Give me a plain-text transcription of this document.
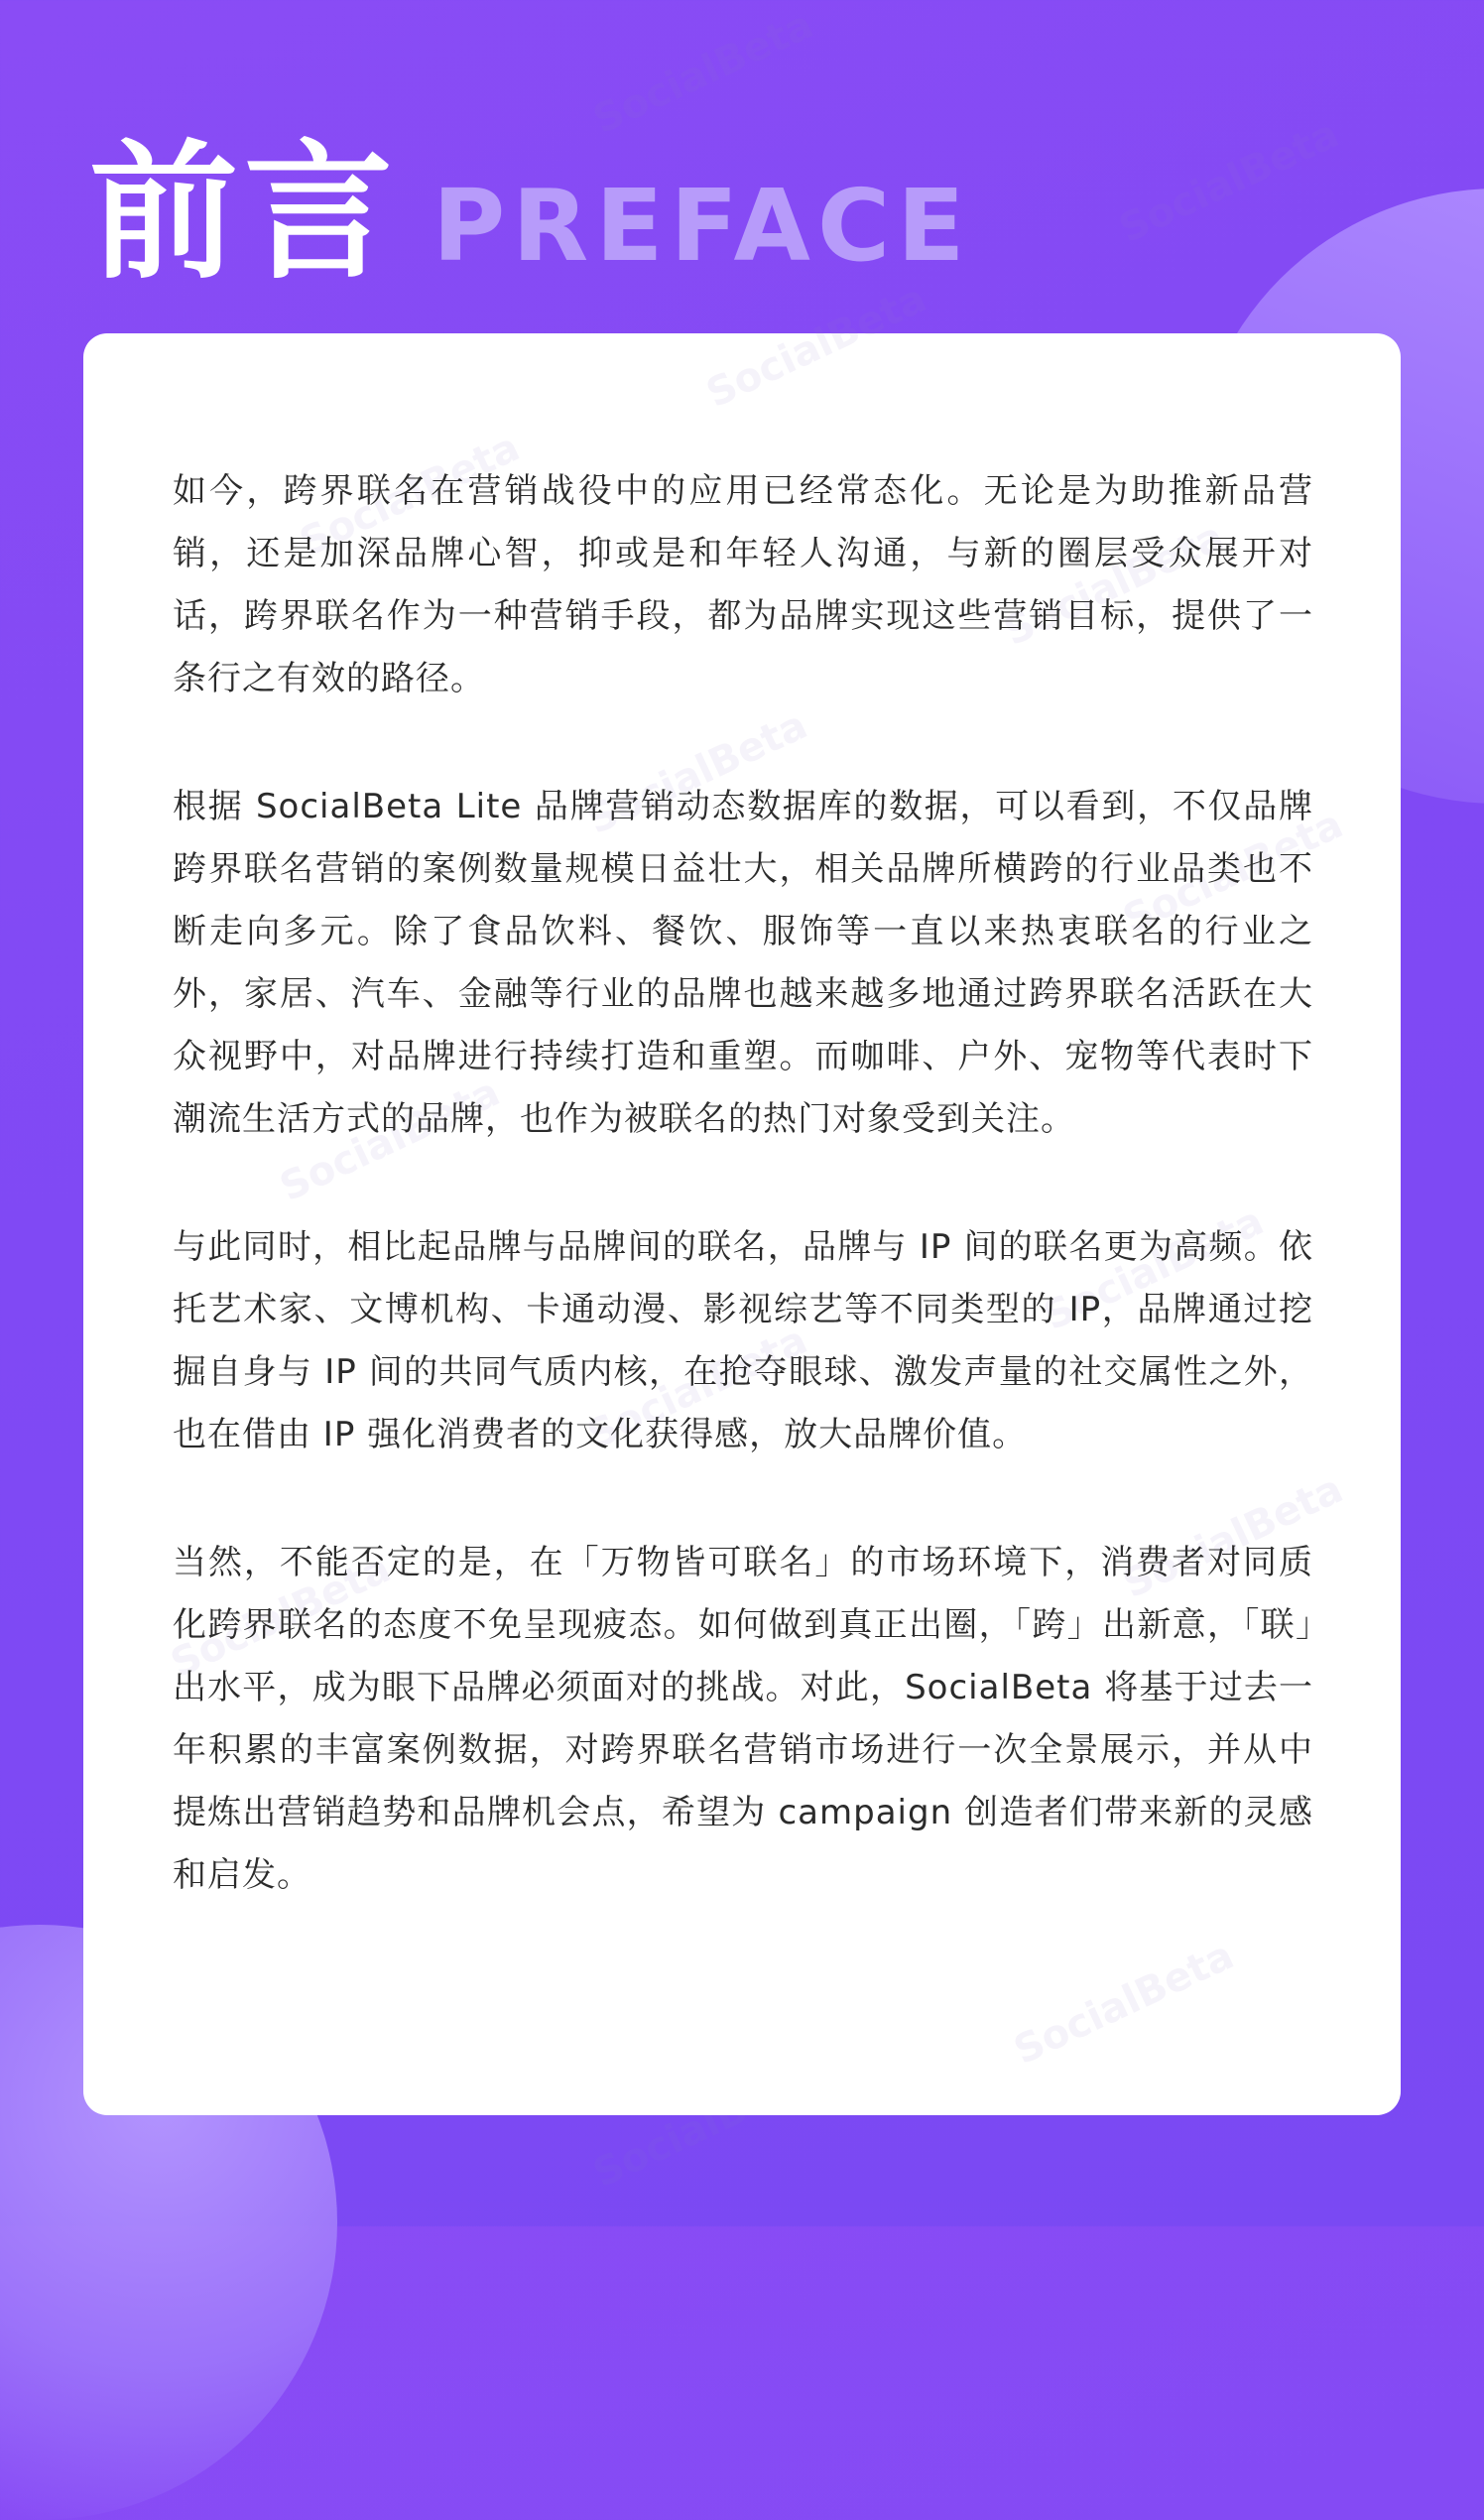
SocialBeta
SocialBeta
SocialBeta
前言 PREFACE
SocialBeta
SocialBeta
SocialBeta
SocialBeta
SocialBeta
SocialBeta
SocialBeta
SocialBeta
SocialBeta
SocialBeta
SocialBeta

如今，跨界联名在营销战役中的应用已经常态化。无论是为助推新品营销，还是加深品牌心智，抑或是和年轻人沟通，与新的圈层受众展开对话，跨界联名作为一种营销手段，都为品牌实现这些营销目标，提供了一条行之有效的路径。

根据 SocialBeta Lite 品牌营销动态数据库的数据，可以看到，不仅品牌跨界联名营销的案例数量规模日益壮大，相关品牌所横跨的行业品类也不断走向多元。除了食品饮料、餐饮、服饰等一直以来热衷联名的行业之外，家居、汽车、金融等行业的品牌也越来越多地通过跨界联名活跃在大众视野中，对品牌进行持续打造和重塑。而咖啡、户外、宠物等代表时下潮流生活方式的品牌，也作为被联名的热门对象受到关注。

与此同时，相比起品牌与品牌间的联名，品牌与 IP 间的联名更为高频。依托艺术家、文博机构、卡通动漫、影视综艺等不同类型的 IP，品牌通过挖掘自身与 IP 间的共同气质内核，在抢夺眼球、激发声量的社交属性之外，也在借由 IP 强化消费者的文化获得感，放大品牌价值。

当然，不能否定的是，在「万物皆可联名」的市场环境下，消费者对同质化跨界联名的态度不免呈现疲态。如何做到真正出圈，「跨」出新意，「联」出水平，成为眼下品牌必须面对的挑战。对此，SocialBeta 将基于过去一年积累的丰富案例数据，对跨界联名营销市场进行一次全景展示，并从中提炼出营销趋势和品牌机会点，希望为 campaign 创造者们带来新的灵感和启发。
